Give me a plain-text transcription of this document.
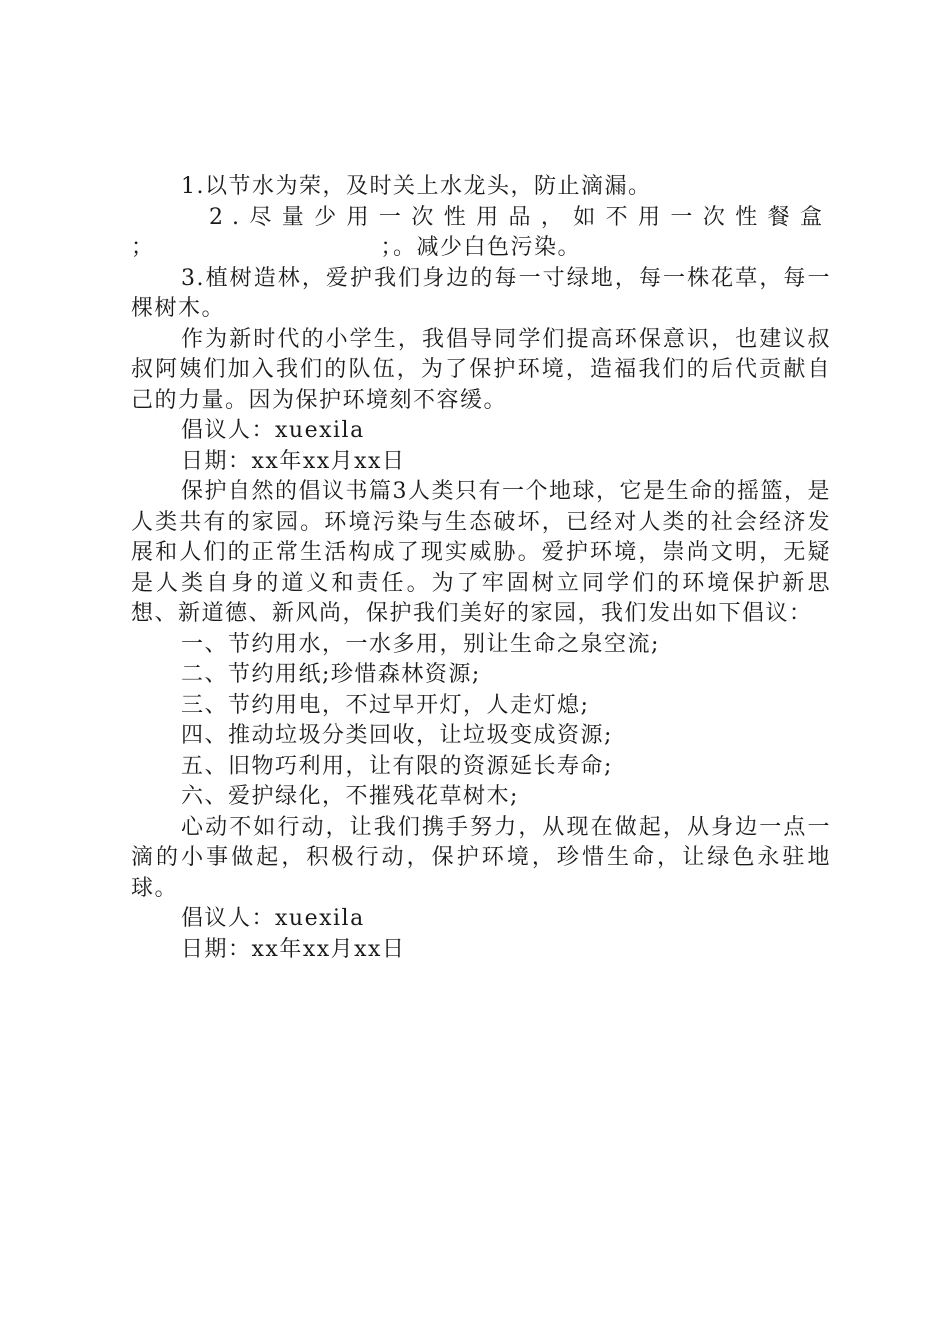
1.以节水为荣，及时关上水龙头，防止滴漏。

2.尽量少用一次性用品，如不用一次性餐盒

；	；。减少白色污染。

3.植树造林，爱护我们身边的每一寸绿地，每一株花草，每一棵树木。

作为新时代的小学生，我倡导同学们提高环保意识，也建议叔叔阿姨们加入我们的队伍，为了保护环境，造福我们的后代贡献自己的力量。因为保护环境刻不容缓。

倡议人：xuexila

日期：xx年xx月xx日

保护自然的倡议书篇3人类只有一个地球，它是生命的摇篮，是人类共有的家园。环境污染与生态破坏，已经对人类的社会经济发展和人们的正常生活构成了现实威胁。爱护环境，崇尚文明，无疑是人类自身的道义和责任。为了牢固树立同学们的环境保护新思想、新道德、新风尚，保护我们美好的家园，我们发出如下倡议：

一、节约用水，一水多用，别让生命之泉空流;

二、节约用纸;珍惜森林资源;

三、节约用电，不过早开灯，人走灯熄;

四、推动垃圾分类回收，让垃圾变成资源;

五、旧物巧利用，让有限的资源延长寿命;

六、爱护绿化，不摧残花草树木;

心动不如行动，让我们携手努力，从现在做起，从身边一点一滴的小事做起，积极行动，保护环境，珍惜生命，让绿色永驻地球。

倡议人：xuexila

日期：xx年xx月xx日
